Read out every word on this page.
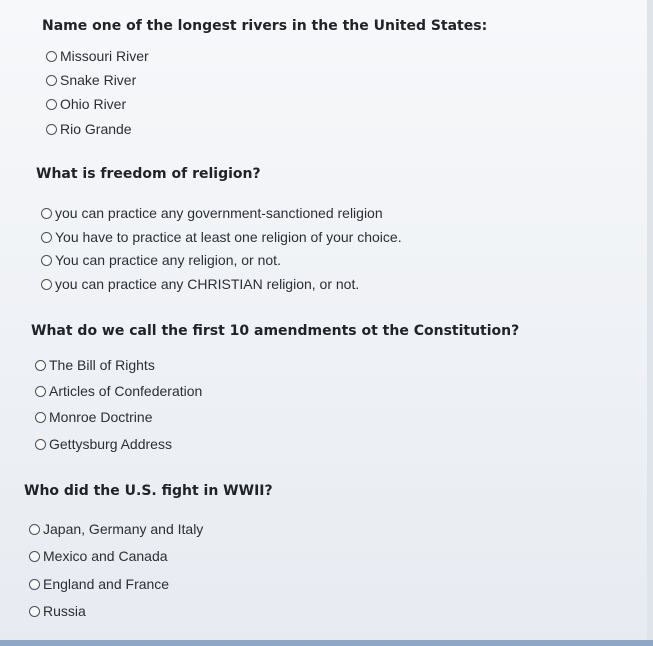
Name one of the longest rivers in the the United States:
Missouri River
Snake River
Ohio River
Rio Grande
What is freedom of religion?
you can practice any government-sanctioned religion
You have to practice at least one religion of your choice.
You can practice any religion, or not.
you can practice any CHRISTIAN religion, or not.
What do we call the first 10 amendments ot the Constitution?
The Bill of Rights
Articles of Confederation
Monroe Doctrine
Gettysburg Address
Who did the U.S. fight in WWII?
Japan, Germany and Italy
Mexico and Canada
England and France
Russia
